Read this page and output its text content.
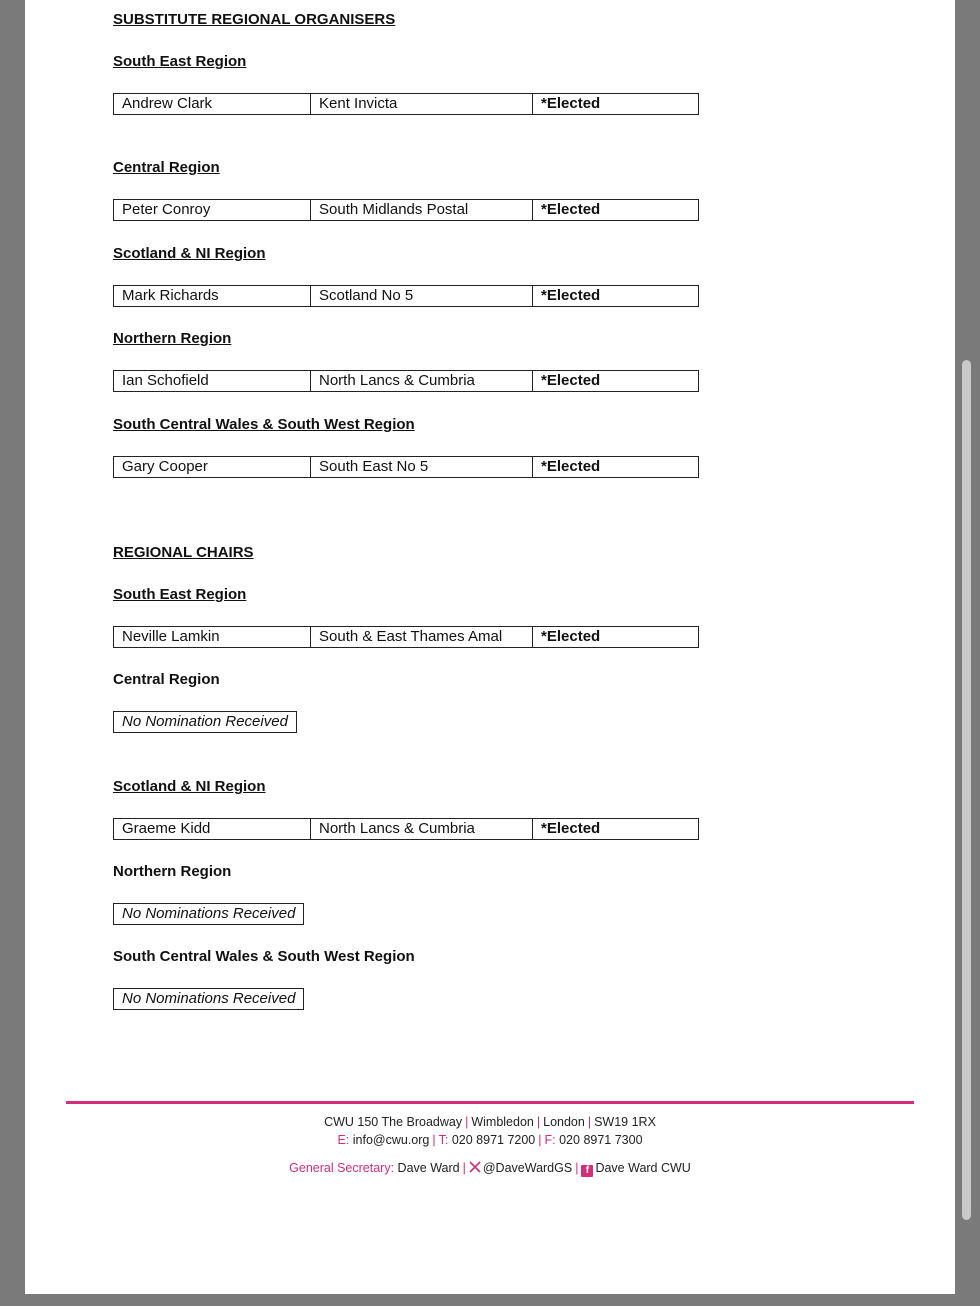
SUBSTITUTE REGIONAL ORGANISERS
South East Region
Andrew Clark	Kent Invicta	*Elected
Central Region
Peter Conroy	South Midlands Postal	*Elected
Scotland & NI Region
Mark Richards	Scotland No 5	*Elected
Northern Region
Ian Schofield	North Lancs & Cumbria	*Elected
South Central Wales & South West Region
Gary Cooper	South East No 5	*Elected
REGIONAL CHAIRS
South East Region
Neville Lamkin	South & East Thames Amal	*Elected
Central Region
No Nomination Received
Scotland & NI Region
Graeme Kidd	North Lancs & Cumbria	*Elected
Northern Region
No Nominations Received
South Central Wales & South West Region
No Nominations Received
CWU 150 The Broadway | Wimbledon | London | SW19 1RX
E: info@cwu.org | T: 020 8971 7200 | F: 020 8971 7300
General Secretary: Dave Ward | @DaveWardGS | f Dave Ward CWU
